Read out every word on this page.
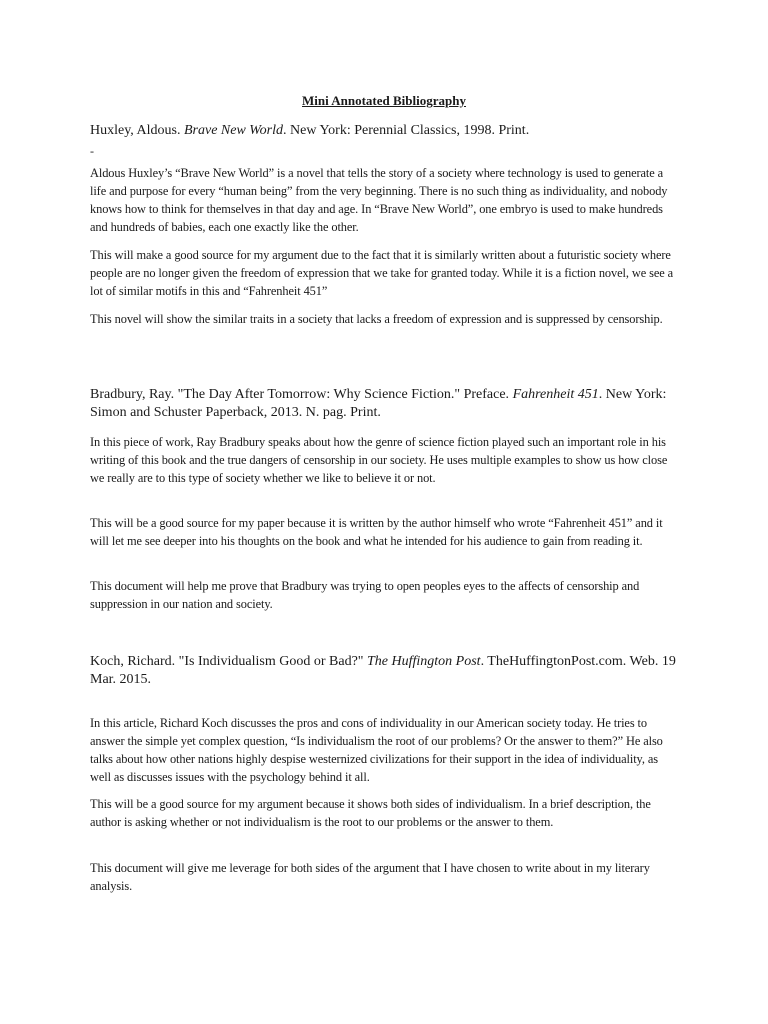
Mini Annotated Bibliography
Huxley, Aldous. Brave New World. New York: Perennial Classics, 1998. Print.
-
Aldous Huxley’s “Brave New World” is a novel that tells the story of a society where technology is used to generate a life and purpose for every “human being” from the very beginning. There is no such thing as individuality, and nobody knows how to think for themselves in that day and age. In “Brave New World”, one embryo is used to make hundreds and hundreds of babies, each one exactly like the other.
This will make a good source for my argument due to the fact that it is similarly written about a futuristic society where people are no longer given the freedom of expression that we take for granted today. While it is a fiction novel, we see a lot of similar motifs in this and “Fahrenheit 451”
This novel will show the similar traits in a society that lacks a freedom of expression and is suppressed by censorship.
Bradbury, Ray. "The Day After Tomorrow: Why Science Fiction." Preface. Fahrenheit 451. New York: Simon and Schuster Paperback, 2013. N. pag. Print.
In this piece of work, Ray Bradbury speaks about how the genre of science fiction played such an important role in his writing of this book and the true dangers of censorship in our society. He uses multiple examples to show us how close we really are to this type of society whether we like to believe it or not.
This will be a good source for my paper because it is written by the author himself who wrote “Fahrenheit 451” and it will let me see deeper into his thoughts on the book and what he intended for his audience to gain from reading it.
This document will help me prove that Bradbury was trying to open peoples eyes to the affects of censorship and suppression in our nation and society.
Koch, Richard. "Is Individualism Good or Bad?" The Huffington Post. TheHuffingtonPost.com. Web. 19 Mar. 2015.
In this article, Richard Koch discusses the pros and cons of individuality in our American society today. He tries to answer the simple yet complex question, “Is individualism the root of our problems? Or the answer to them?” He also talks about how other nations highly despise westernized civilizations for their support in the idea of individuality, as well as discusses issues with the psychology behind it all.
This will be a good source for my argument because it shows both sides of individualism. In a brief description, the author is asking whether or not individualism is the root to our problems or the answer to them.
This document will give me leverage for both sides of the argument that I have chosen to write about in my literary analysis.
